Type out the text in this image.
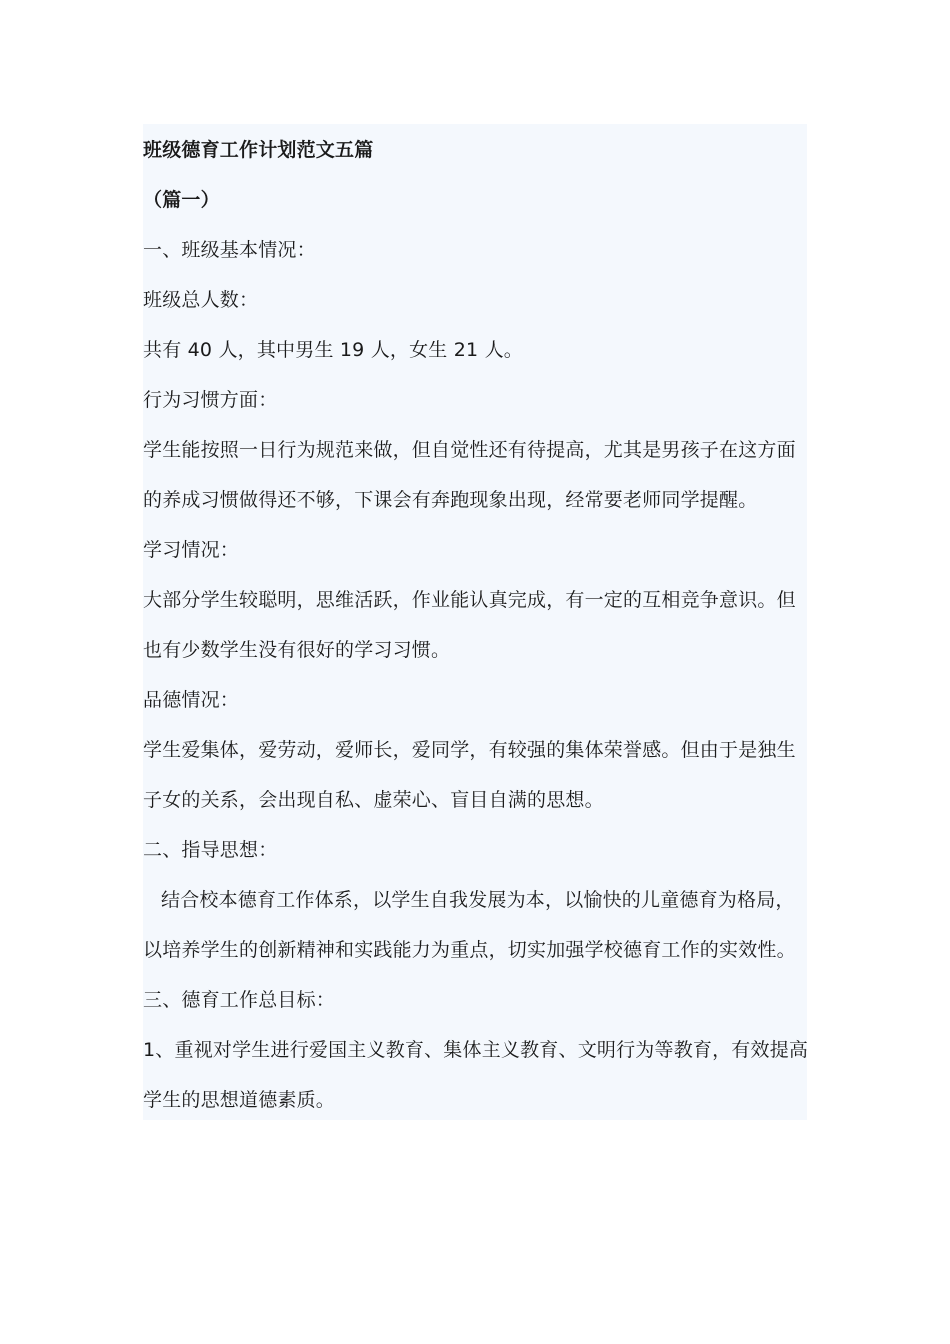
班级德育工作计划范文五篇
（篇一）
一、班级基本情况：
班级总人数：
共有 40 人，其中男生 19 人，女生 21 人。
行为习惯方面：
学生能按照一日行为规范来做，但自觉性还有待提高，尤其是男孩子在这方面
的养成习惯做得还不够，下课会有奔跑现象出现，经常要老师同学提醒。
学习情况：
大部分学生较聪明，思维活跃，作业能认真完成，有一定的互相竞争意识。但
也有少数学生没有很好的学习习惯。
品德情况：
学生爱集体，爱劳动，爱师长，爱同学，有较强的集体荣誉感。但由于是独生
子女的关系，会出现自私、虚荣心、盲目自满的思想。
二、指导思想：
结合校本德育工作体系，以学生自我发展为本，以愉快的儿童德育为格局，
以培养学生的创新精神和实践能力为重点，切实加强学校德育工作的实效性。
三、德育工作总目标：
1、重视对学生进行爱国主义教育、集体主义教育、文明行为等教育，有效提高
学生的思想道德素质。
